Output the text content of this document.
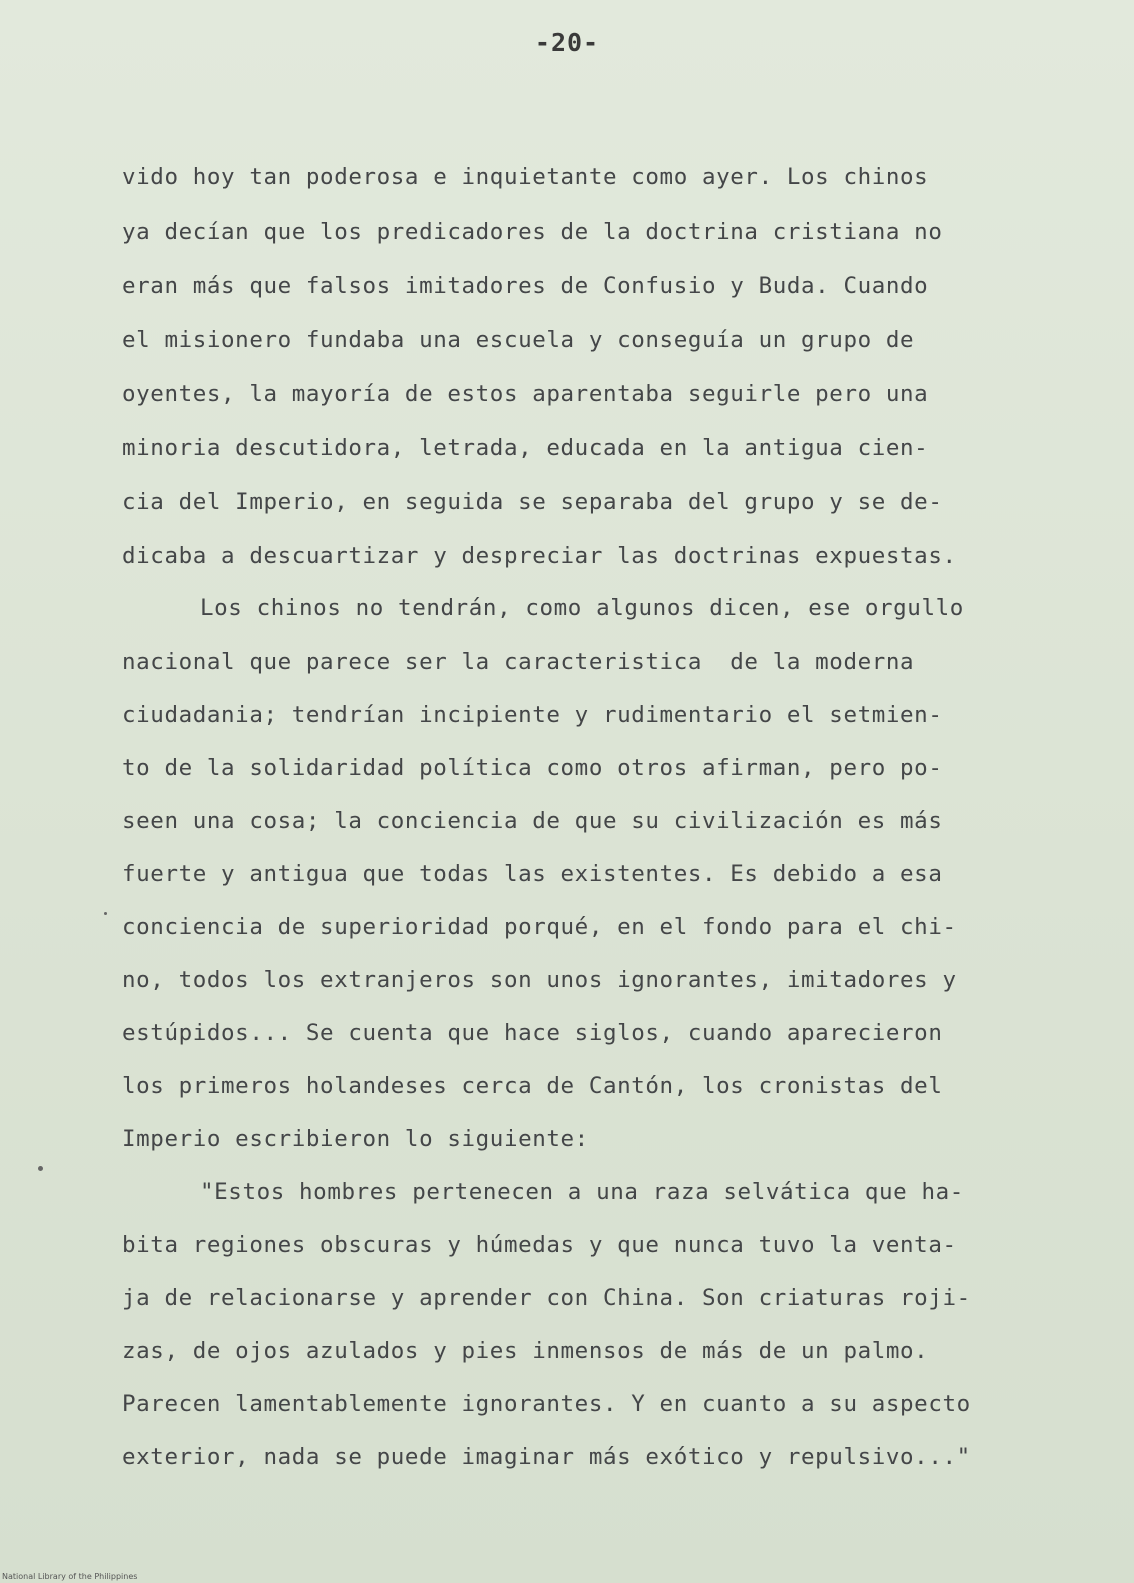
-20-
vido hoy tan poderosa e inquietante como ayer. Los chinos
ya decían que los predicadores de la doctrina cristiana no
eran más que falsos imitadores de Confusio y Buda. Cuando
el misionero fundaba una escuela y conseguía un grupo de
oyentes, la mayoría de estos aparentaba seguirle pero una
minoria descutidora, letrada, educada en la antigua cien-
cia del Imperio, en seguida se separaba del grupo y se de-
dicaba a descuartizar y despreciar las doctrinas expuestas.
Los chinos no tendrán, como algunos dicen, ese orgullo
nacional que parece ser la caracteristica  de la moderna
ciudadania; tendrían incipiente y rudimentario el setmien-
to de la solidaridad política como otros afirman, pero po-
seen una cosa; la conciencia de que su civilización es más
fuerte y antigua que todas las existentes. Es debido a esa
conciencia de superioridad porqué, en el fondo para el chi-
no, todos los extranjeros son unos ignorantes, imitadores y
estúpidos... Se cuenta que hace siglos, cuando aparecieron
los primeros holandeses cerca de Cantón, los cronistas del
Imperio escribieron lo siguiente:
"Estos hombres pertenecen a una raza selvática que ha-
bita regiones obscuras y húmedas y que nunca tuvo la venta-
ja de relacionarse y aprender con China. Son criaturas roji-
zas, de ojos azulados y pies inmensos de más de un palmo.
Parecen lamentablemente ignorantes. Y en cuanto a su aspecto
exterior, nada se puede imaginar más exótico y repulsivo..."
National Library of the Philippines
